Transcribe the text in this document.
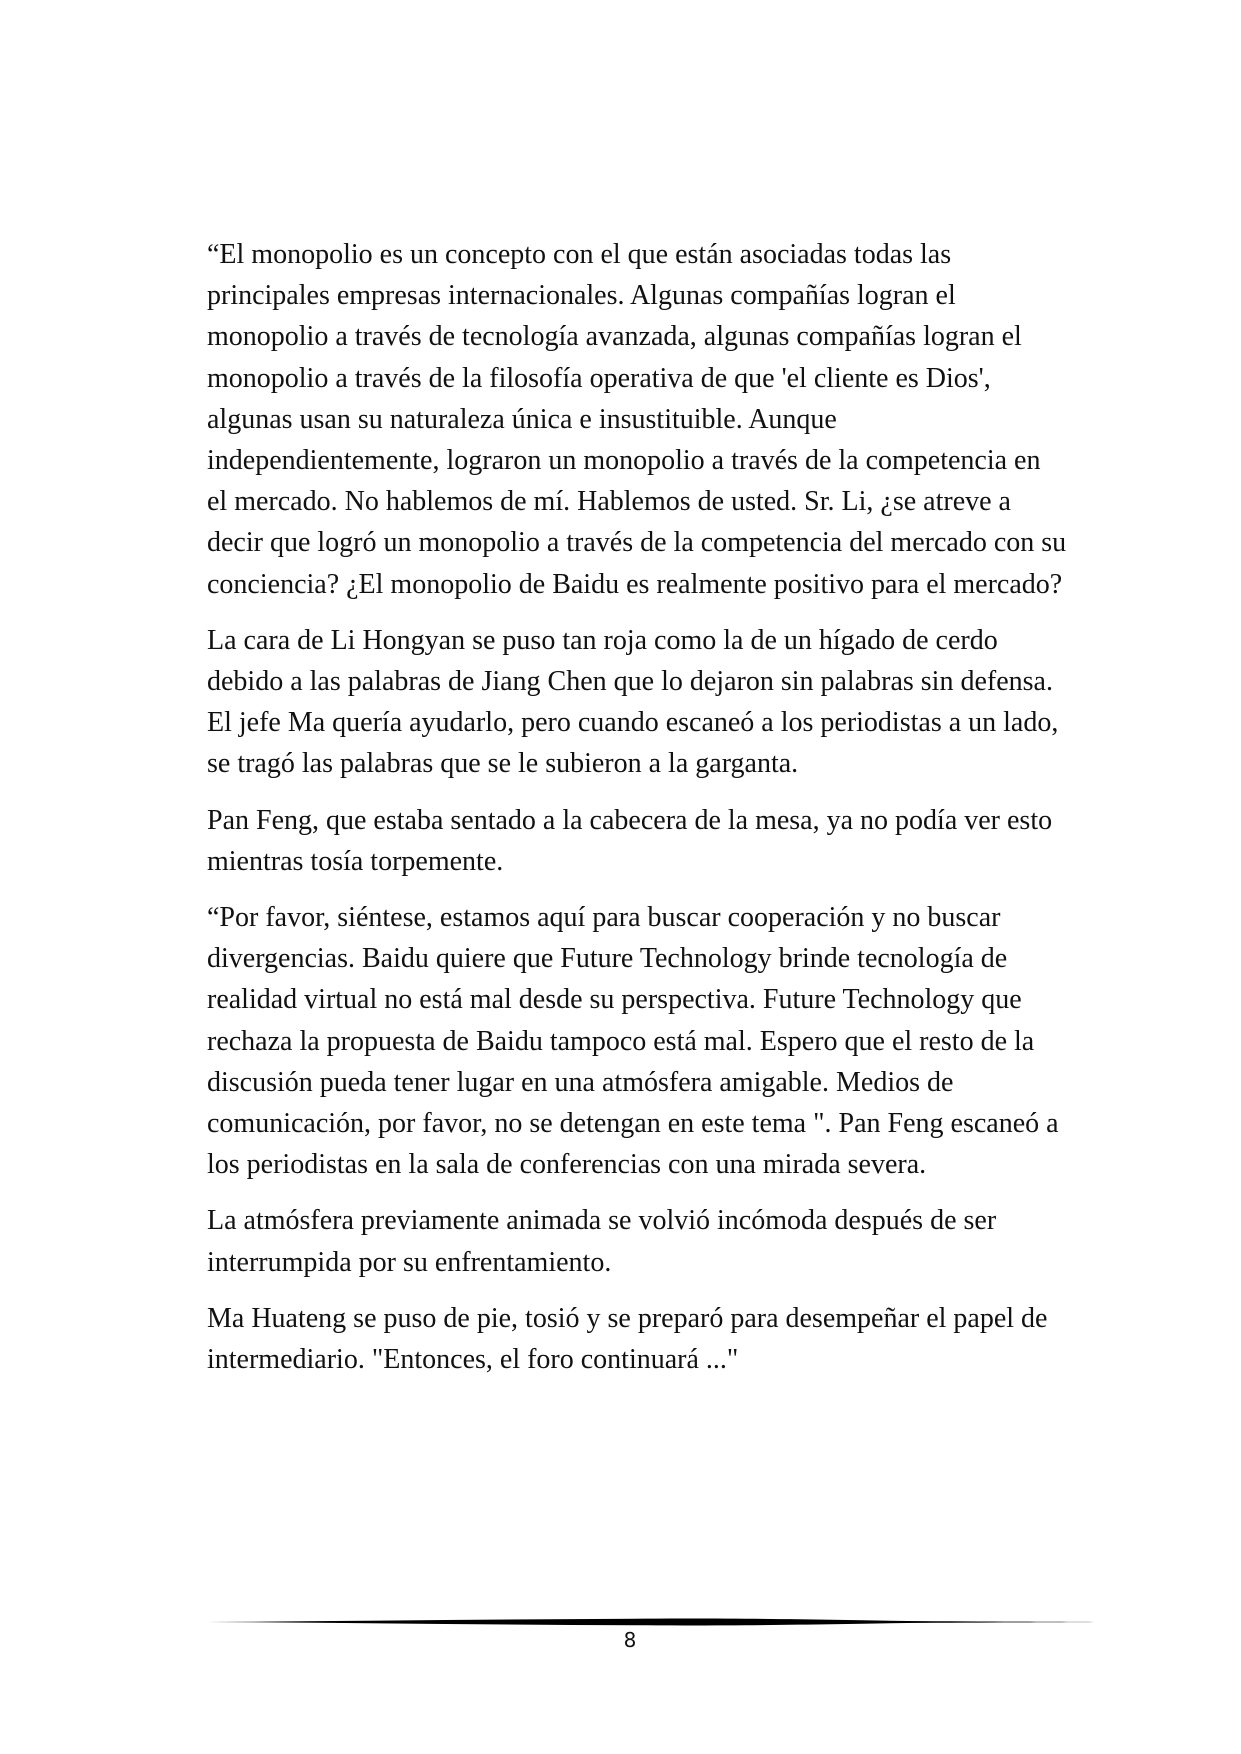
“El monopolio es un concepto con el que están asociadas todas las principales empresas internacionales. Algunas compañías logran el monopolio a través de tecnología avanzada, algunas compañías logran el monopolio a través de la filosofía operativa de que 'el cliente es Dios', algunas usan su naturaleza única e insustituible. Aunque independientemente, lograron un monopolio a través de la competencia en el mercado. No hablemos de mí. Hablemos de usted. Sr. Li, ¿se atreve a decir que logró un monopolio a través de la competencia del mercado con su conciencia? ¿El monopolio de Baidu es realmente positivo para el mercado?

La cara de Li Hongyan se puso tan roja como la de un hígado de cerdo debido a las palabras de Jiang Chen que lo dejaron sin palabras sin defensa. El jefe Ma quería ayudarlo, pero cuando escaneó a los periodistas a un lado, se tragó las palabras que se le subieron a la garganta.

Pan Feng, que estaba sentado a la cabecera de la mesa, ya no podía ver esto mientras tosía torpemente.

“Por favor, siéntese, estamos aquí para buscar cooperación y no buscar divergencias. Baidu quiere que Future Technology brinde tecnología de realidad virtual no está mal desde su perspectiva. Future Technology que rechaza la propuesta de Baidu tampoco está mal. Espero que el resto de la discusión pueda tener lugar en una atmósfera amigable. Medios de comunicación, por favor, no se detengan en este tema ". Pan Feng escaneó a los periodistas en la sala de conferencias con una mirada severa.

La atmósfera previamente animada se volvió incómoda después de ser interrumpida por su enfrentamiento.

Ma Huateng se puso de pie, tosió y se preparó para desempeñar el papel de intermediario. "Entonces, el foro continuará ..."

8
